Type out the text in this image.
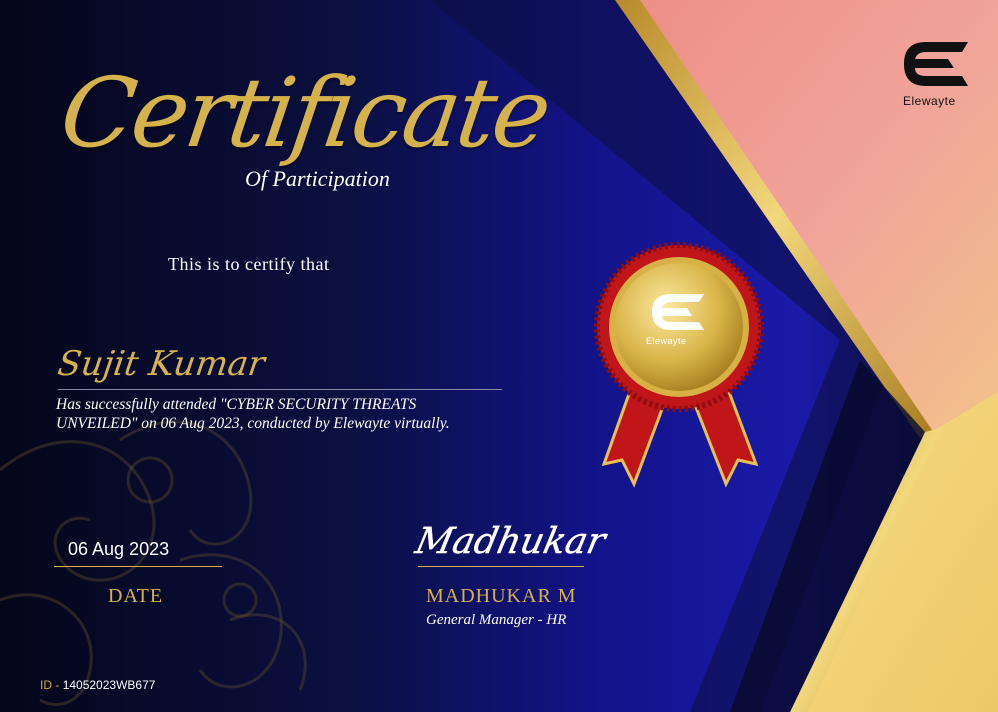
Certificate
Of Participation
This is to certify that
Sujit Kumar
Has successfully attended "CYBER SECURITY THREATS UNVEILED" on 06 Aug 2023, conducted by Elewayte virtually.
06 Aug 2023
DATE
Madhukar
MADHUKAR M
General Manager - HR
ID - 14052023WB677
Elewayte
Elewayte
